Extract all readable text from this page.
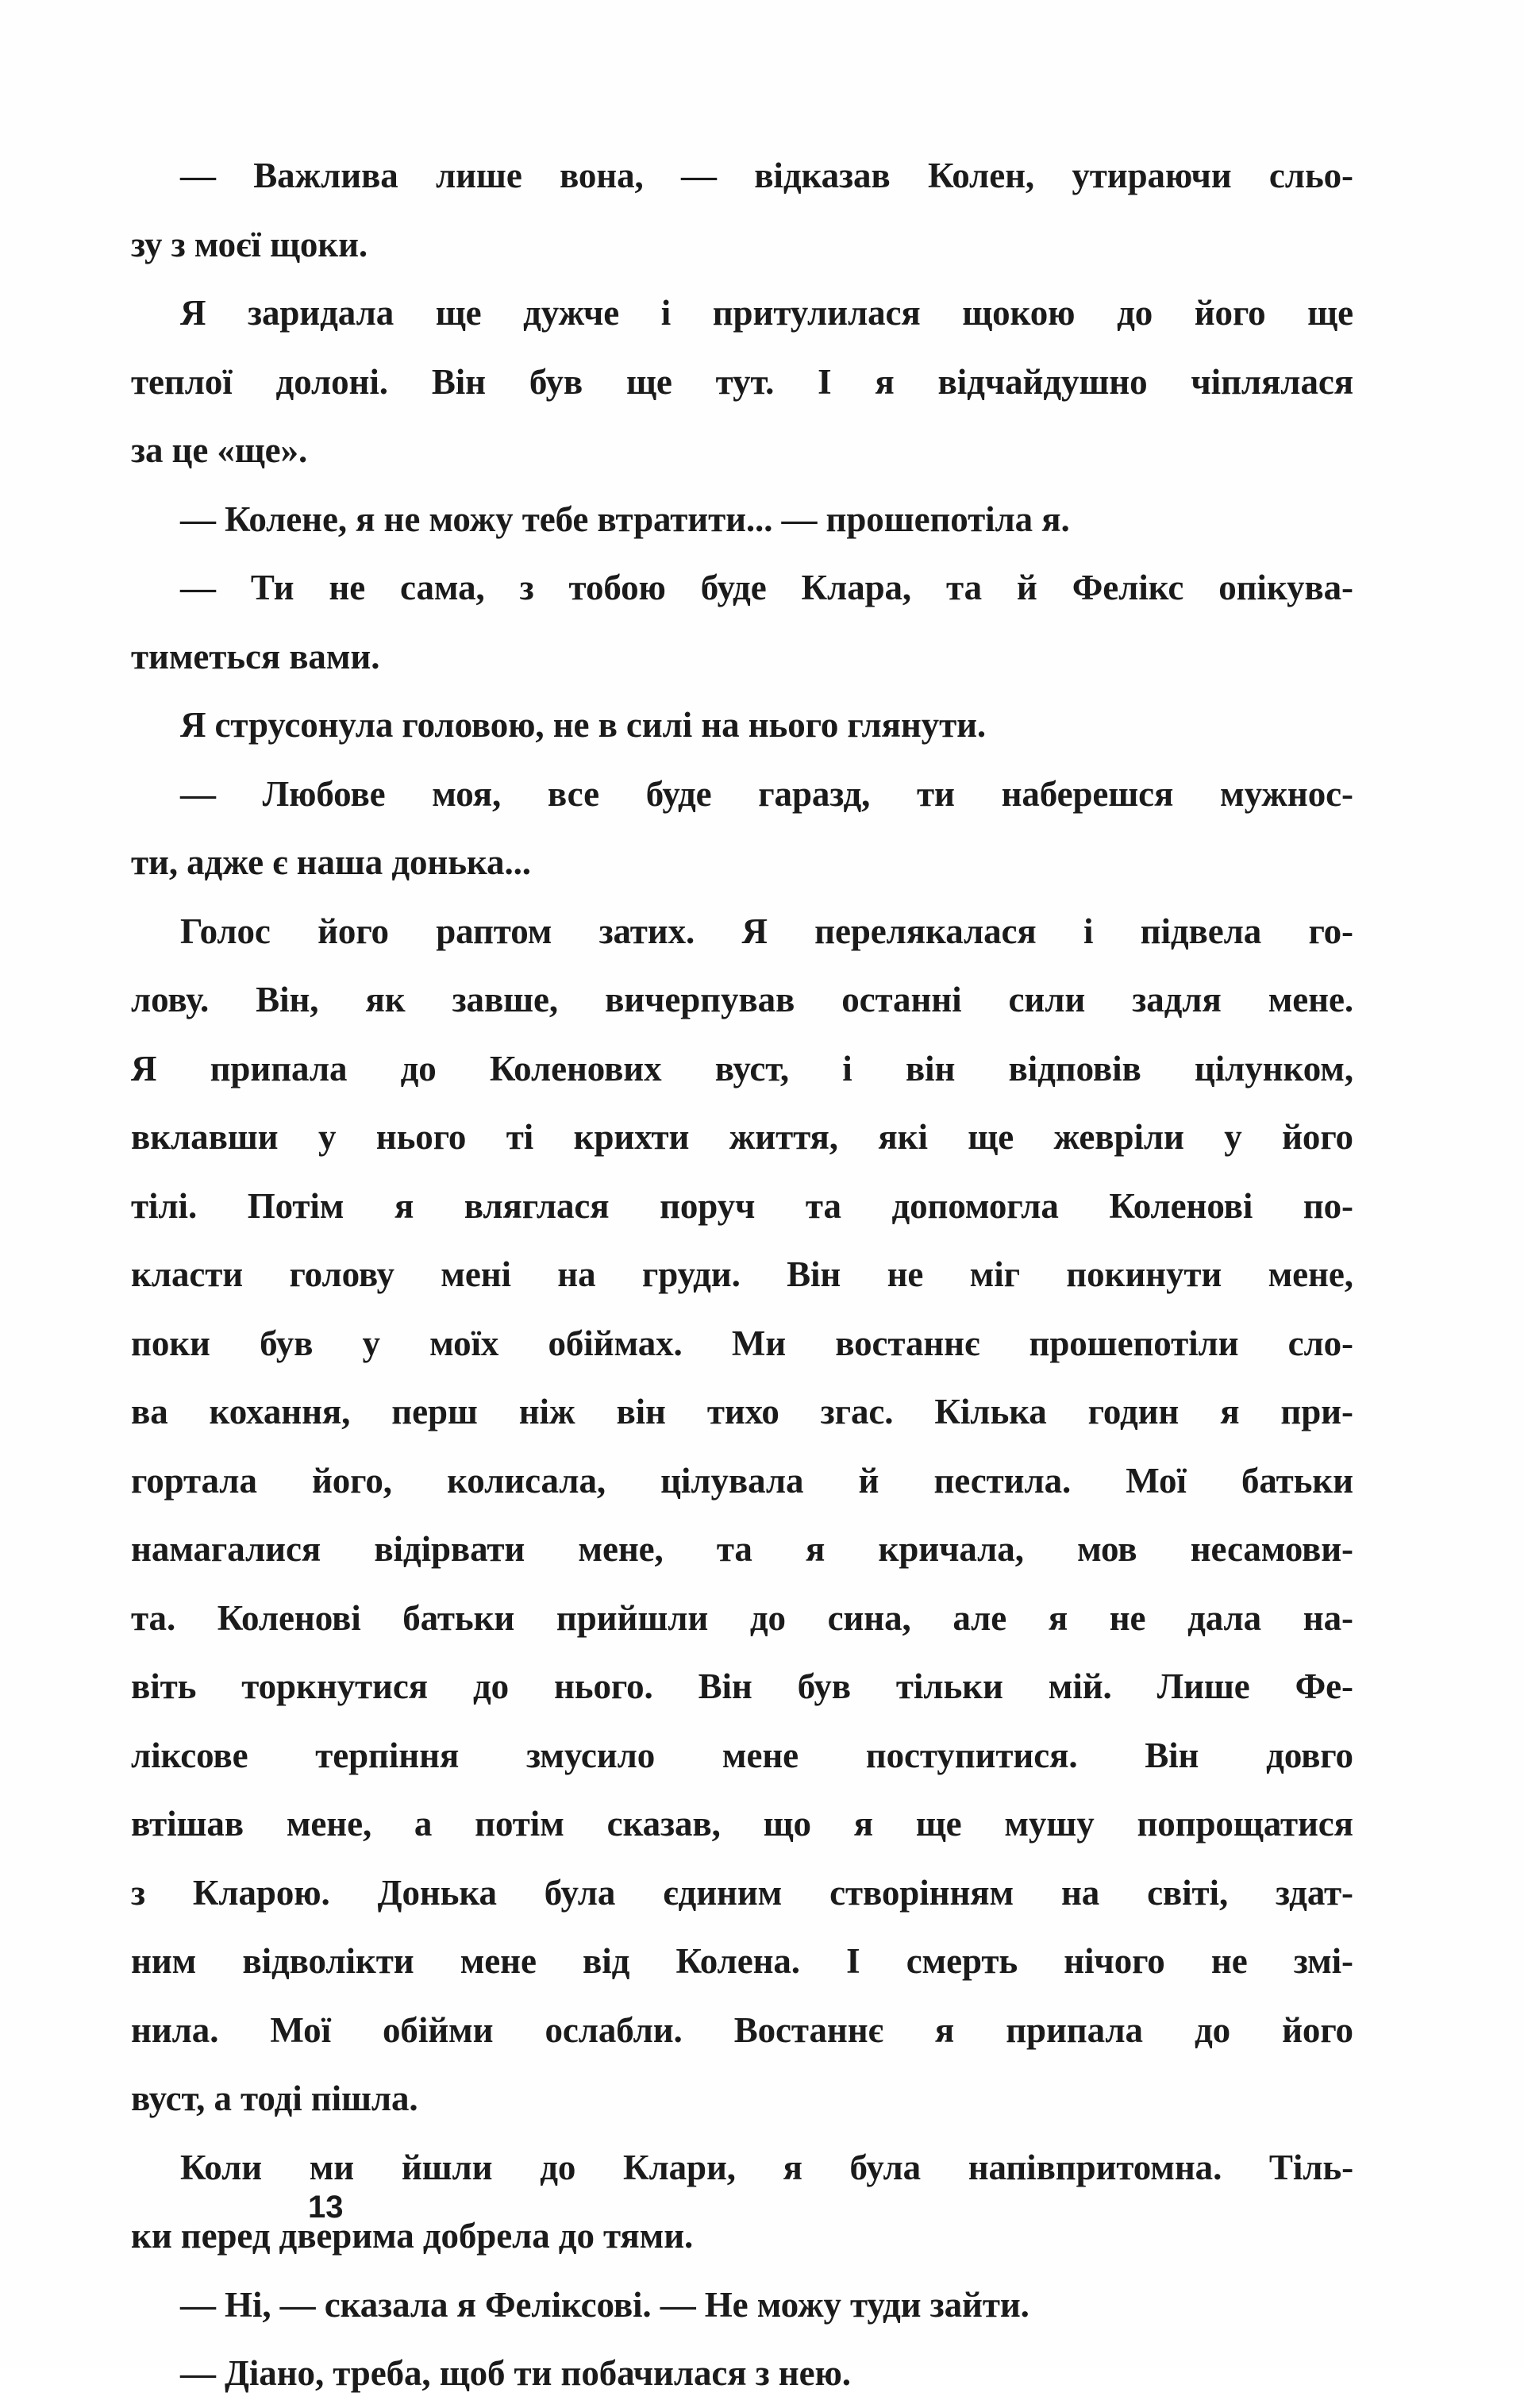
— Важлива лише вона, — відказав Колен, утираючи сльо-
зу з моєї щоки.
Я заридала ще дужче і притулилася щокою до його ще
теплої долоні. Він був ще тут. І я відчайдушно чіплялася
за це «ще».
— Колене, я не можу тебе втратити... — прошепотіла я.
— Ти не сама, з тобою буде Клара, та й Фелікс опікува-
тиметься вами.
Я струсонула головою, не в силі на нього глянути.
— Любове моя, все буде гаразд, ти наберешся мужнос-
ти, адже є наша донька...
Голос його раптом затих. Я перелякалася і підвела го-
лову. Він, як завше, вичерпував останні сили задля мене.
Я припала до Коленових вуст, і він відповів цілунком,
вклавши у нього ті крихти життя, які ще жевріли у його
тілі. Потім я вляглася поруч та допомогла Коленові по-
класти голову мені на груди. Він не міг покинути мене,
поки був у моїх обіймах. Ми востаннє прошепотіли сло-
ва кохання, перш ніж він тихо згас. Кілька годин я при-
гортала його, колисала, цілувала й пестила. Мої батьки
намагалися відірвати мене, та я кричала, мов несамови-
та. Коленові батьки прийшли до сина, але я не дала на-
віть торкнутися до нього. Він був тільки мій. Лише Фе-
ліксове терпіння змусило мене поступитися. Він довго
втішав мене, а потім сказав, що я ще мушу попрощатися
з Кларою. Донька була єдиним створінням на світі, здат-
ним відволікти мене від Колена. І смерть нічого не змі-
нила. Мої обійми ослабли. Востаннє я припала до його
вуст, а тоді пішла.
Коли ми йшли до Клари, я була напівпритомна. Тіль-
ки перед дверима добрела до тями.
— Ні, — сказала я Феліксові. — Не можу туди зайти.
— Діано, треба, щоб ти побачилася з нею.
13
